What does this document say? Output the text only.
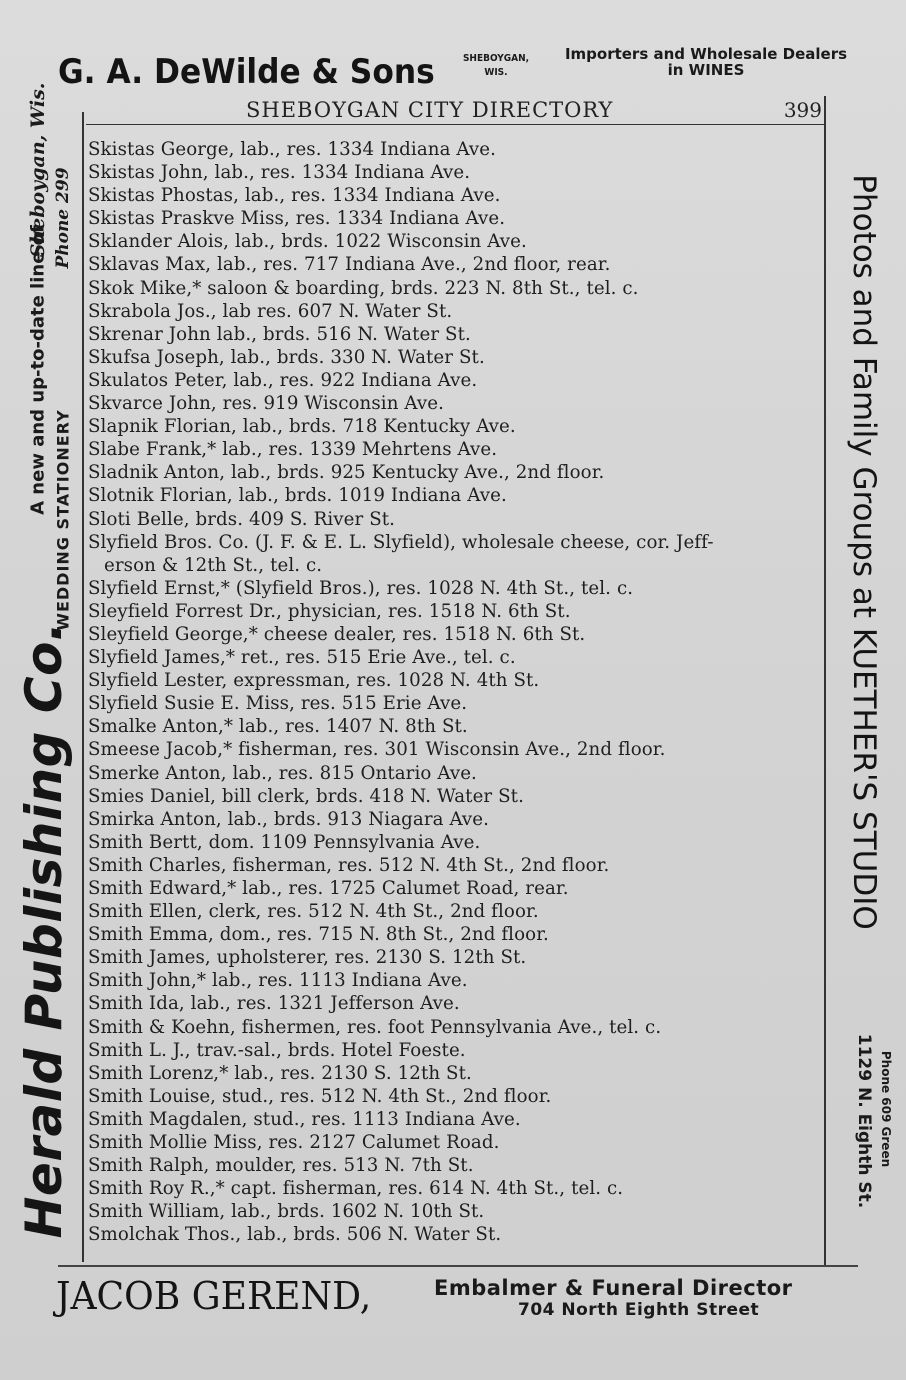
G. A. DeWilde & Sons	SHEBOYGAN,
WIS.
Importers and Wholesale Dealers
in WINES
SHEBOYGAN CITY DIRECTORY	399
Skistas George, lab., res. 1334 Indiana Ave.
Skistas John, lab., res. 1334 Indiana Ave.
Skistas Phostas, lab., res. 1334 Indiana Ave.
Skistas Praskve Miss, res. 1334 Indiana Ave.
Sklander Alois, lab., brds. 1022 Wisconsin Ave.
Sklavas Max, lab., res. 717 Indiana Ave., 2nd floor, rear.
Skok Mike,* saloon & boarding, brds. 223 N. 8th St., tel. c.
Skrabola Jos., lab res. 607 N. Water St.
Skrenar John lab., brds. 516 N. Water St.
Skufsa Joseph, lab., brds. 330 N. Water St.
Skulatos Peter, lab., res. 922 Indiana Ave.
Skvarce John, res. 919 Wisconsin Ave.
Slapnik Florian, lab., brds. 718 Kentucky Ave.
Slabe Frank,* lab., res. 1339 Mehrtens Ave.
Sladnik Anton, lab., brds. 925 Kentucky Ave., 2nd floor.
Slotnik Florian, lab., brds. 1019 Indiana Ave.
Sloti Belle, brds. 409 S. River St.
Slyfield Bros. Co. (J. F. & E. L. Slyfield), wholesale cheese, cor. Jeff-
erson & 12th St., tel. c.
Slyfield Ernst,* (Slyfield Bros.), res. 1028 N. 4th St., tel. c.
Sleyfield Forrest Dr., physician, res. 1518 N. 6th St.
Sleyfield George,* cheese dealer, res. 1518 N. 6th St.
Slyfield James,* ret., res. 515 Erie Ave., tel. c.
Slyfield Lester, expressman, res. 1028 N. 4th St.
Slyfield Susie E. Miss, res. 515 Erie Ave.
Smalke Anton,* lab., res. 1407 N. 8th St.
Smeese Jacob,* fisherman, res. 301 Wisconsin Ave., 2nd floor.
Smerke Anton, lab., res. 815 Ontario Ave.
Smies Daniel, bill clerk, brds. 418 N. Water St.
Smirka Anton, lab., brds. 913 Niagara Ave.
Smith Bertt, dom. 1109 Pennsylvania Ave.
Smith Charles, fisherman, res. 512 N. 4th St., 2nd floor.
Smith Edward,* lab., res. 1725 Calumet Road, rear.
Smith Ellen, clerk, res. 512 N. 4th St., 2nd floor.
Smith Emma, dom., res. 715 N. 8th St., 2nd floor.
Smith James, upholsterer, res. 2130 S. 12th St.
Smith John,* lab., res. 1113 Indiana Ave.
Smith Ida, lab., res. 1321 Jefferson Ave.
Smith & Koehn, fishermen, res. foot Pennsylvania Ave., tel. c.
Smith L. J., trav.-sal., brds. Hotel Foeste.
Smith Lorenz,* lab., res. 2130 S. 12th St.
Smith Louise, stud., res. 512 N. 4th St., 2nd floor.
Smith Magdalen, stud., res. 1113 Indiana Ave.
Smith Mollie Miss, res. 2127 Calumet Road.
Smith Ralph, moulder, res. 513 N. 7th St.
Smith Roy R.,* capt. fisherman, res. 614 N. 4th St., tel. c.
Smith William, lab., brds. 1602 N. 10th St.
Smolchak Thos., lab., brds. 506 N. Water St.
Herald Publishing Co.
A new and up-to-date line of
Sheboygan, Wis.
WEDDING STATIONERY
Phone 299	Photos and Family Groups at KUETHER'S STUDIO
1129 N. Eighth St. Phone 609 Green
JACOB GEREND,	Embalmer & Funeral Director
704 North Eighth Street
